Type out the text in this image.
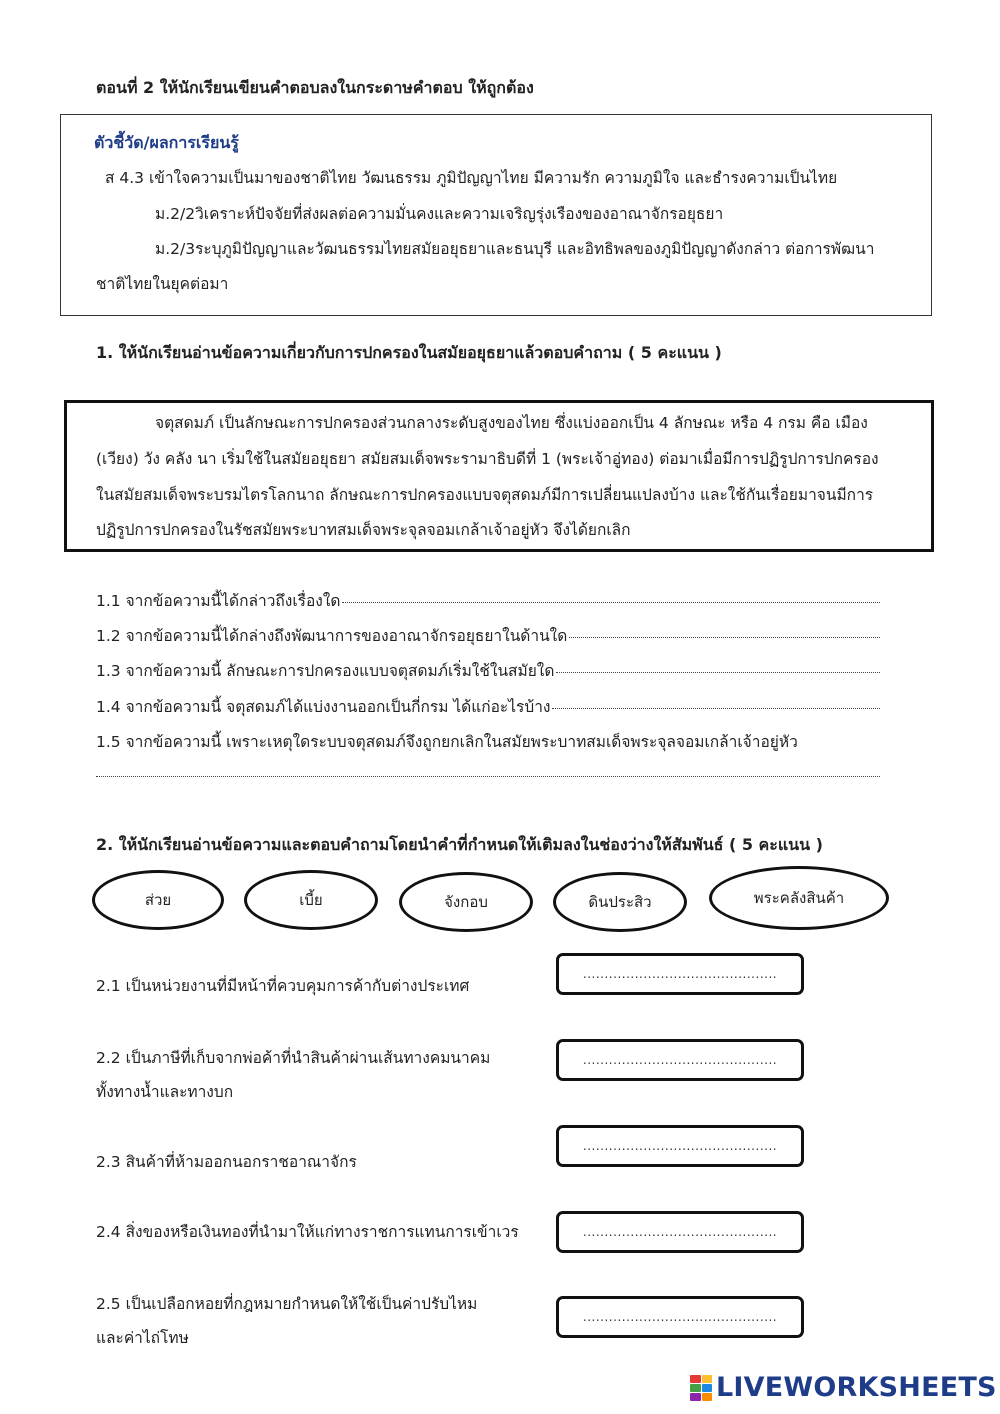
ตอนที่ 2 ให้นักเรียนเขียนคำตอบลงในกระดาษคำตอบ ให้ถูกต้อง
ตัวชี้วัด/ผลการเรียนรู้
ส 4.3 เข้าใจความเป็นมาของชาติไทย วัฒนธรรม ภูมิปัญญาไทย มีความรัก ความภูมิใจ และธำรงความเป็นไทย
ม.2/2วิเคราะห์ปัจจัยที่ส่งผลต่อความมั่นคงและความเจริญรุ่งเรืองของอาณาจักรอยุธยา
ม.2/3ระบุภูมิปัญญาและวัฒนธรรมไทยสมัยอยุธยาและธนบุรี และอิทธิพลของภูมิปัญญาดังกล่าว ต่อการพัฒนา
ชาติไทยในยุคต่อมา
1. ให้นักเรียนอ่านข้อความเกี่ยวกับการปกครองในสมัยอยุธยาแล้วตอบคำถาม ( 5 คะแนน )
จตุสดมภ์ เป็นลักษณะการปกครองส่วนกลางระดับสูงของไทย ซึ่งแบ่งออกเป็น 4 ลักษณะ หรือ 4 กรม คือ เมือง
(เวียง) วัง คลัง นา เริ่มใช้ในสมัยอยุธยา สมัยสมเด็จพระรามาธิบดีที่ 1 (พระเจ้าอู่ทอง) ต่อมาเมื่อมีการปฏิรูปการปกครอง
ในสมัยสมเด็จพระบรมไตรโลกนาถ ลักษณะการปกครองแบบจตุสดมภ์มีการเปลี่ยนแปลงบ้าง และใช้กันเรื่อยมาจนมีการ
ปฏิรูปการปกครองในรัชสมัยพระบาทสมเด็จพระจุลจอมเกล้าเจ้าอยู่หัว จึงได้ยกเลิก
1.1 จากข้อความนี้ได้กล่าวถึงเรื่องใด
1.2 จากข้อความนี้ได้กล่างถึงพัฒนาการของอาณาจักรอยุธยาในด้านใด
1.3 จากข้อความนี้ ลักษณะการปกครองแบบจตุสดมภ์เริ่มใช้ในสมัยใด
1.4 จากข้อความนี้ จตุสดมภ์ได้แบ่งงานออกเป็นกี่กรม ได้แก่อะไรบ้าง
1.5 จากข้อความนี้ เพราะเหตุใดระบบจตุสดมภ์จึงถูกยกเลิกในสมัยพระบาทสมเด็จพระจุลจอมเกล้าเจ้าอยู่หัว
2. ให้นักเรียนอ่านข้อความและตอบคำถามโดยนำคำที่กำหนดให้เติมลงในช่องว่างให้สัมพันธ์ ( 5 คะแนน )
ส่วย	เบี้ย	จังกอบ	ดินประสิว	พระคลังสินค้า
2.1 เป็นหน่วยงานที่มีหน้าที่ควบคุมการค้ากับต่างประเทศ
2.2 เป็นภาษีที่เก็บจากพ่อค้าที่นำสินค้าผ่านเส้นทางคมนาคม
ทั้งทางน้ำและทางบก
2.3 สินค้าที่ห้ามออกนอกราชอาณาจักร
2.4 สิ่งของหรือเงินทองที่นำมาให้แก่ทางราชการแทนการเข้าเวร
2.5 เป็นเปลือกหอยที่กฎหมายกำหนดให้ใช้เป็นค่าปรับไหม
และค่าไถ่โทษ
.............................................
.............................................
.............................................
.............................................
.............................................
LIVEWORKSHEETS
